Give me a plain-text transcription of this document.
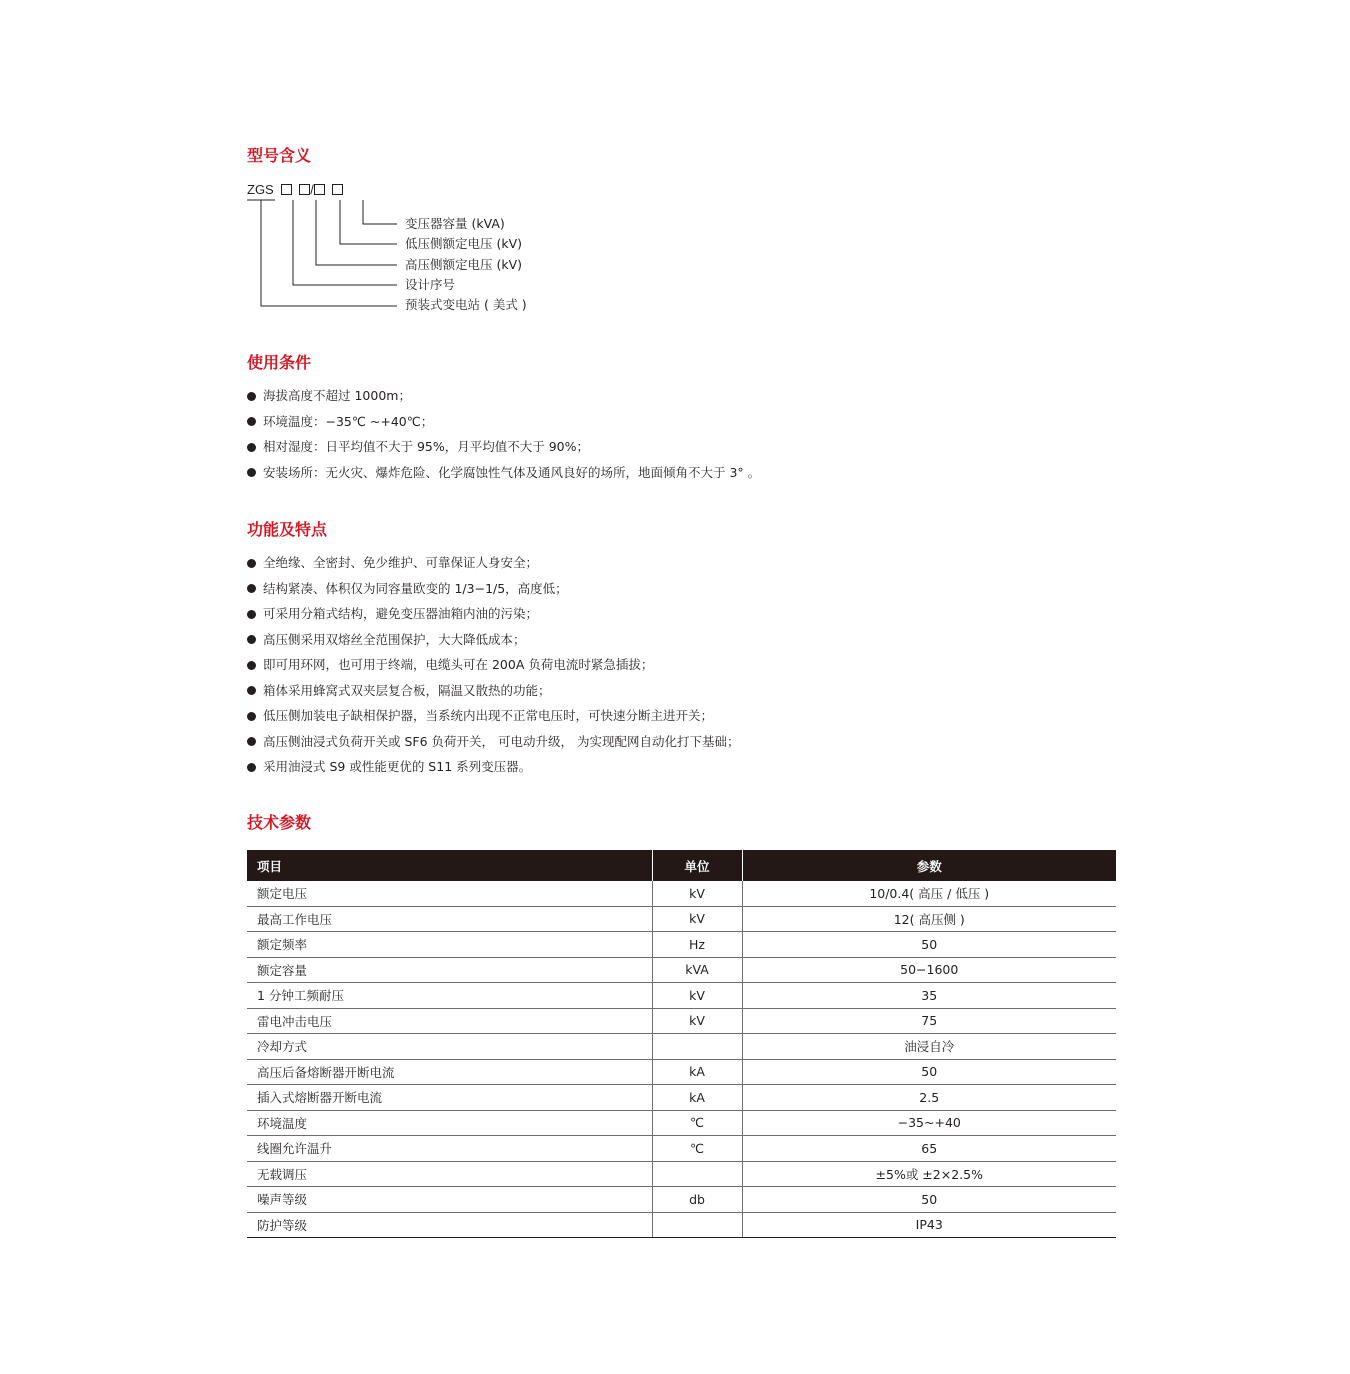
型号含义
ZGS	/
变压器容量 (kVA)
低压侧额定电压 (kV)
高压侧额定电压 (kV)
设计序号
预装式变电站 ( 美式 )
使用条件
海拔高度不超过 1000m；
环境温度：−35℃ ~+40℃；
相对湿度：日平均值不大于 95%，月平均值不大于 90%；
安装场所：无火灾、爆炸危险、化学腐蚀性气体及通风良好的场所，地面倾角不大于 3° 。
功能及特点
全绝缘、全密封、免少维护、可靠保证人身安全；
结构紧凑、体积仅为同容量欧变的 1/3−1/5，高度低；
可采用分箱式结构，避免变压器油箱内油的污染；
高压侧采用双熔丝全范围保护，大大降低成本；
即可用环网，也可用于终端，电缆头可在 200A 负荷电流时紧急插拔；
箱体采用蜂窝式双夹层复合板，隔温又散热的功能；
低压侧加装电子缺相保护器，当系统内出现不正常电压时，可快速分断主进开关；
高压侧油浸式负荷开关或 SF6 负荷开关， 可电动升级， 为实现配网自动化打下基础；
采用油浸式 S9 或性能更优的 S11 系列变压器。
技术参数
项目	单位	参数
额定电压	kV	10/0.4( 高压 / 低压 )
最高工作电压	kV	12( 高压侧 )
额定频率	Hz	50
额定容量	kVA	50−1600
1 分钟工频耐压	kV	35
雷电冲击电压	kV	75
冷却方式		油浸自冷
高压后备熔断器开断电流	kA	50
插入式熔断器开断电流	kA	2.5
环境温度	℃	−35~+40
线圈允许温升	℃	65
无载调压		±5%或 ±2×2.5%
噪声等级	db	50
防护等级		IP43
